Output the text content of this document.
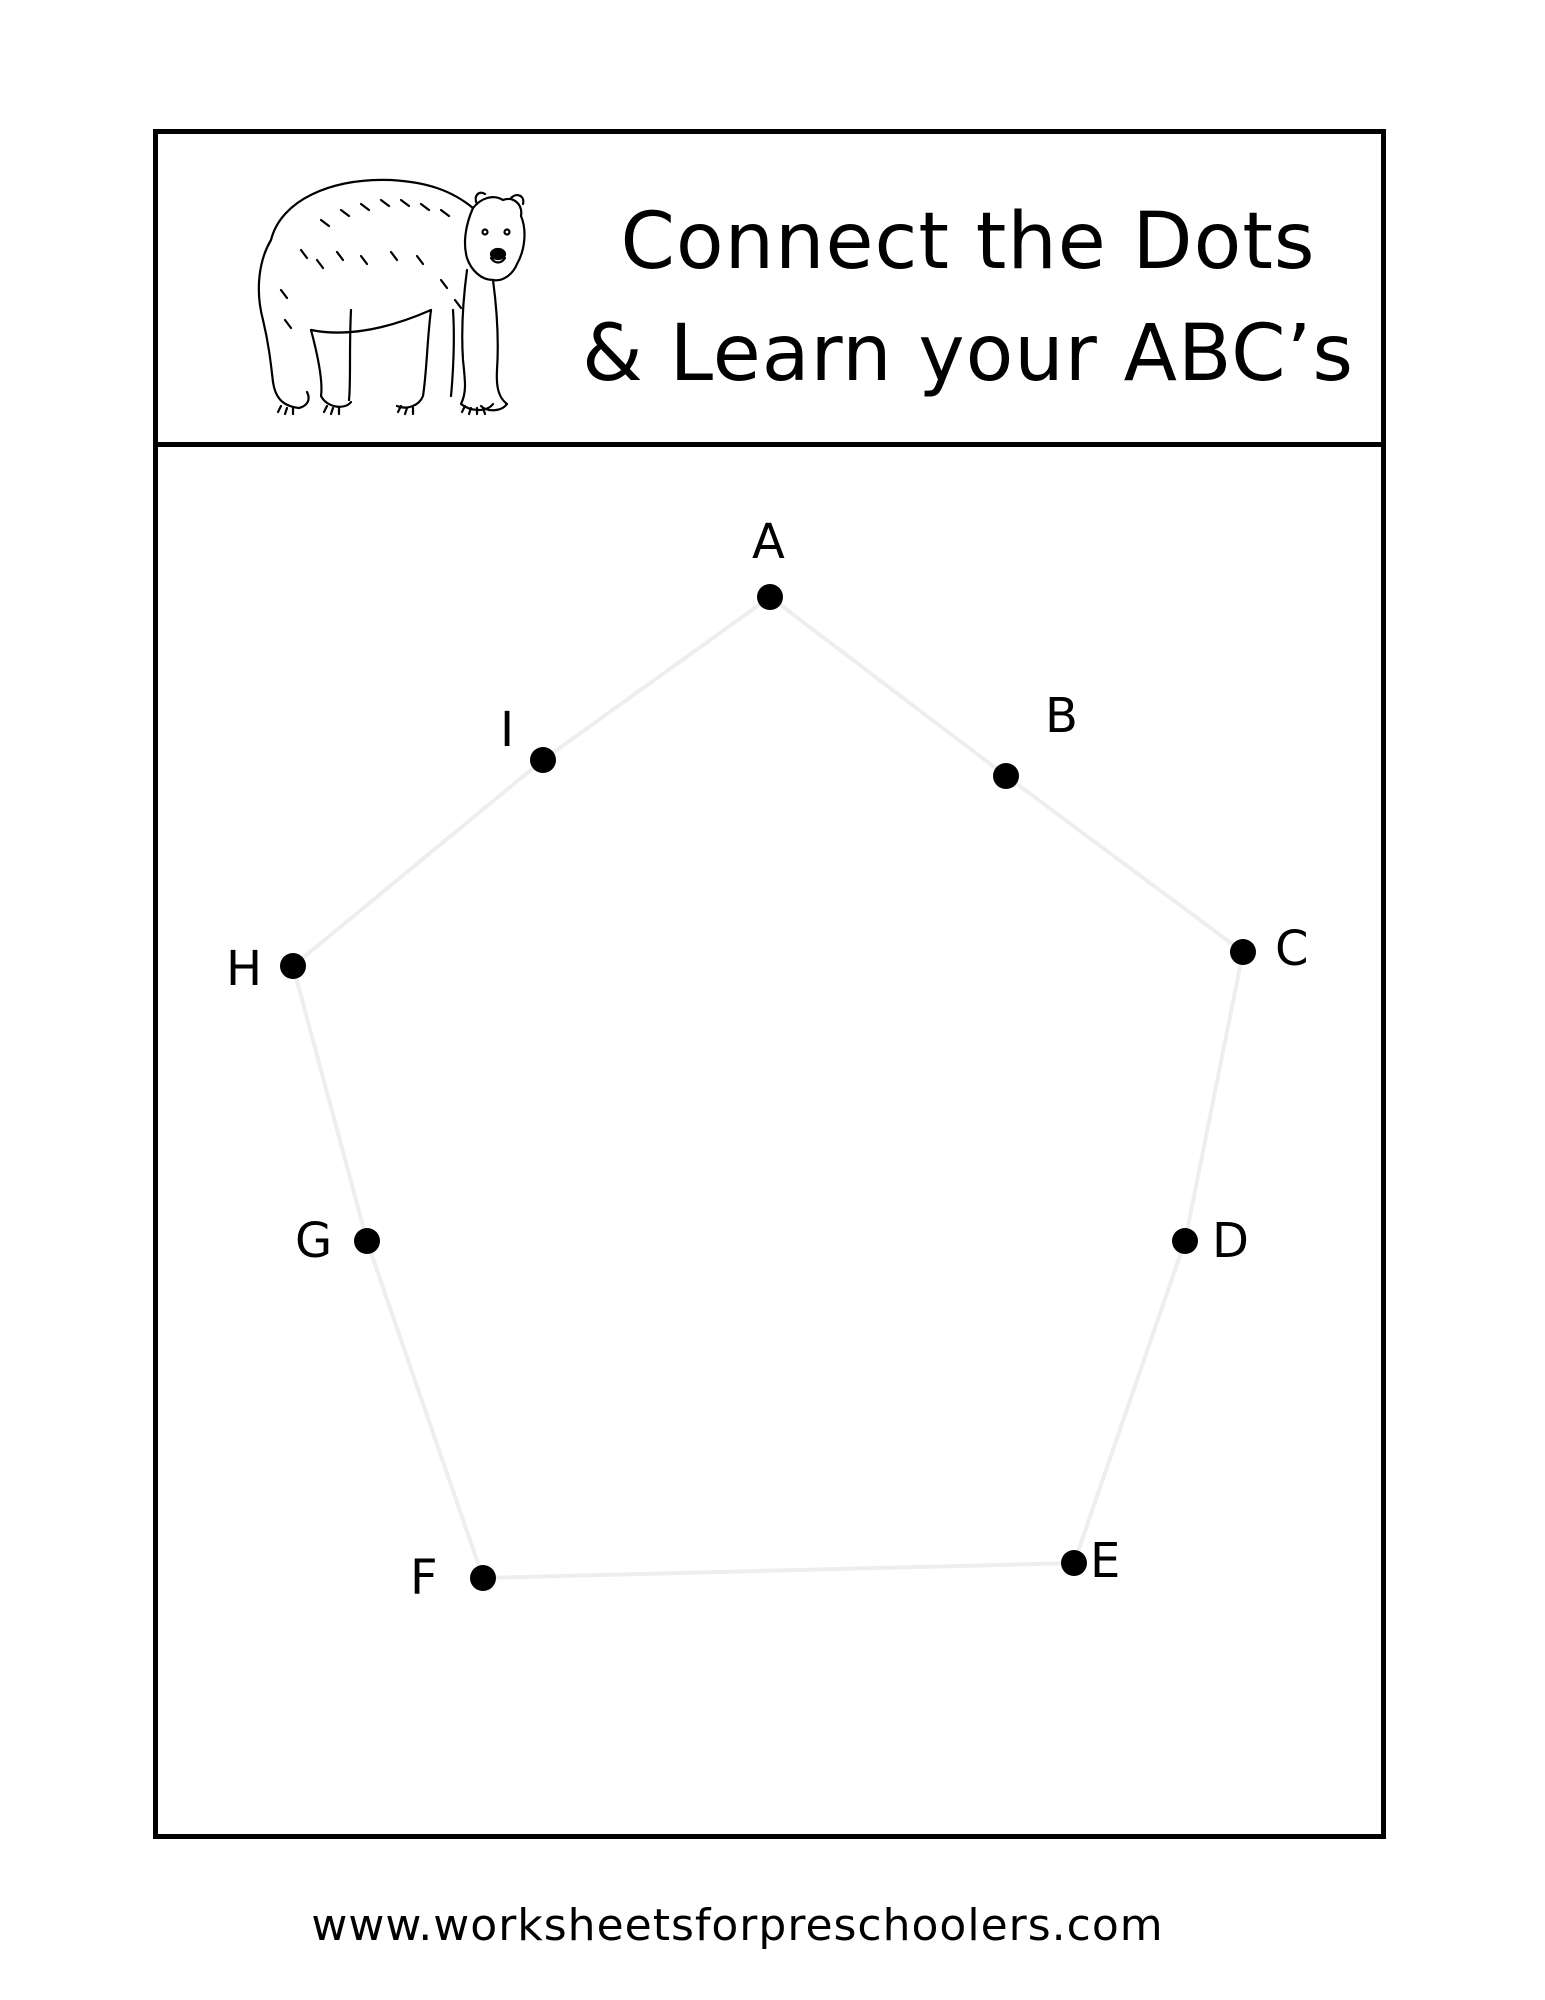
Connect the Dots
& Learn your ABC’s
A
B
C
D
E
F
G
H
I
www.worksheetsforpreschoolers.com
